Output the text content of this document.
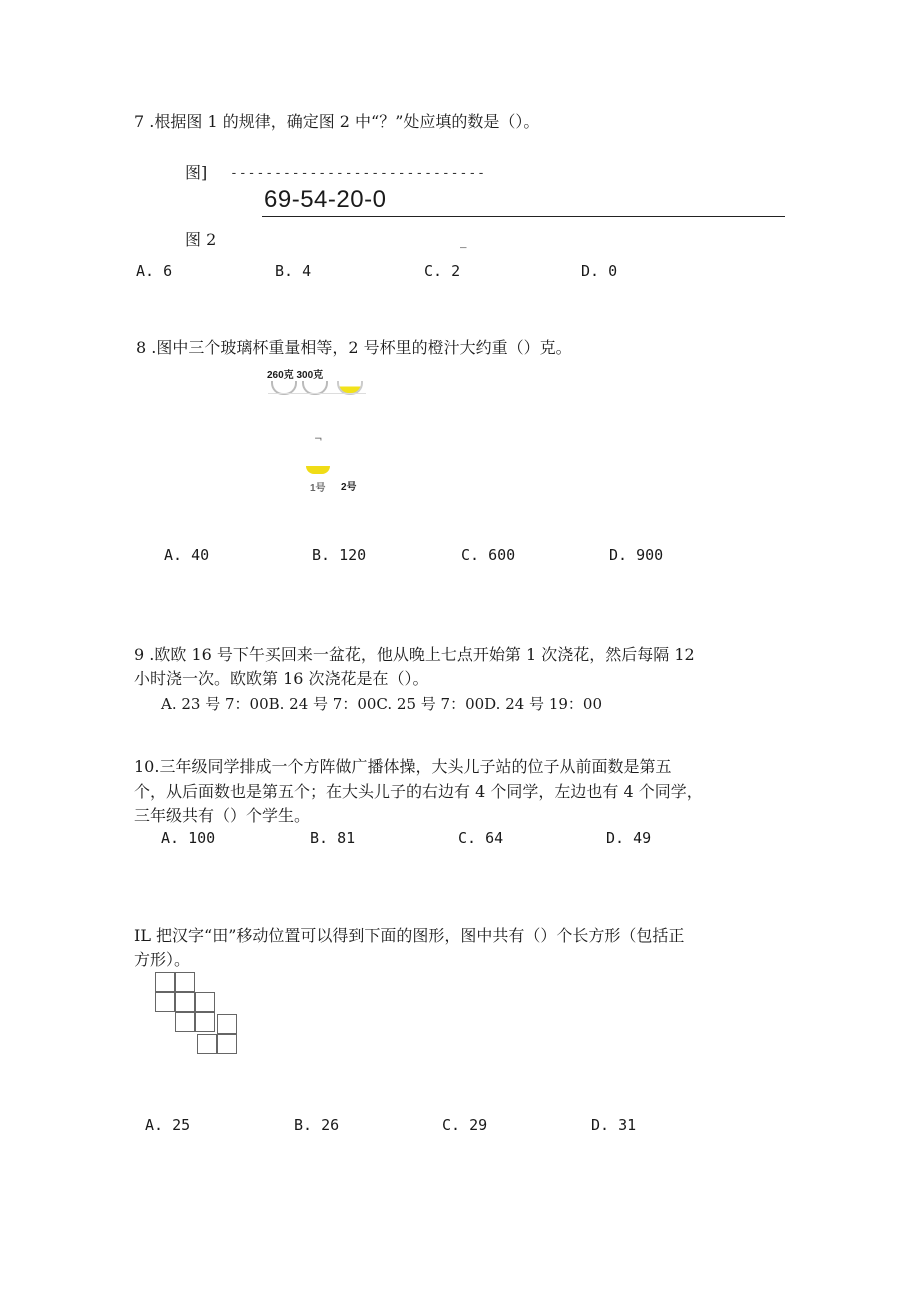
7 .根据图 1 的规律，确定图 2 中“？”处应填的数是（）。
图] -----------------------------
69-54-20-0
图 2	_
A. 6	B. 4	C. 2	D. 0
8 .图中三个玻璃杯重量相等，2 号杯里的橙汁大约重（）克。
260克 300克
¬
1号 2号
A. 40	B. 120	C. 600	D. 900
9 .欧欧 16 号下午买回来一盆花，他从晚上七点开始第 1 次浇花，然后每隔 12
小时浇一次。欧欧第 16 次浇花是在（）。
A. 23 号 7：00B. 24 号 7：00C. 25 号 7：00D. 24 号 19：00
10.三年级同学排成一个方阵做广播体操，大头儿子站的位子从前面数是第五
个，从后面数也是第五个；在大头儿子的右边有 4 个同学，左边也有 4 个同学，
三年级共有（）个学生。
A. 100	B. 81	C. 64	D. 49
IL 把汉字“田”移动位置可以得到下面的图形，图中共有（）个长方形（包括正
方形）。
A. 25	B. 26	C. 29	D. 31
